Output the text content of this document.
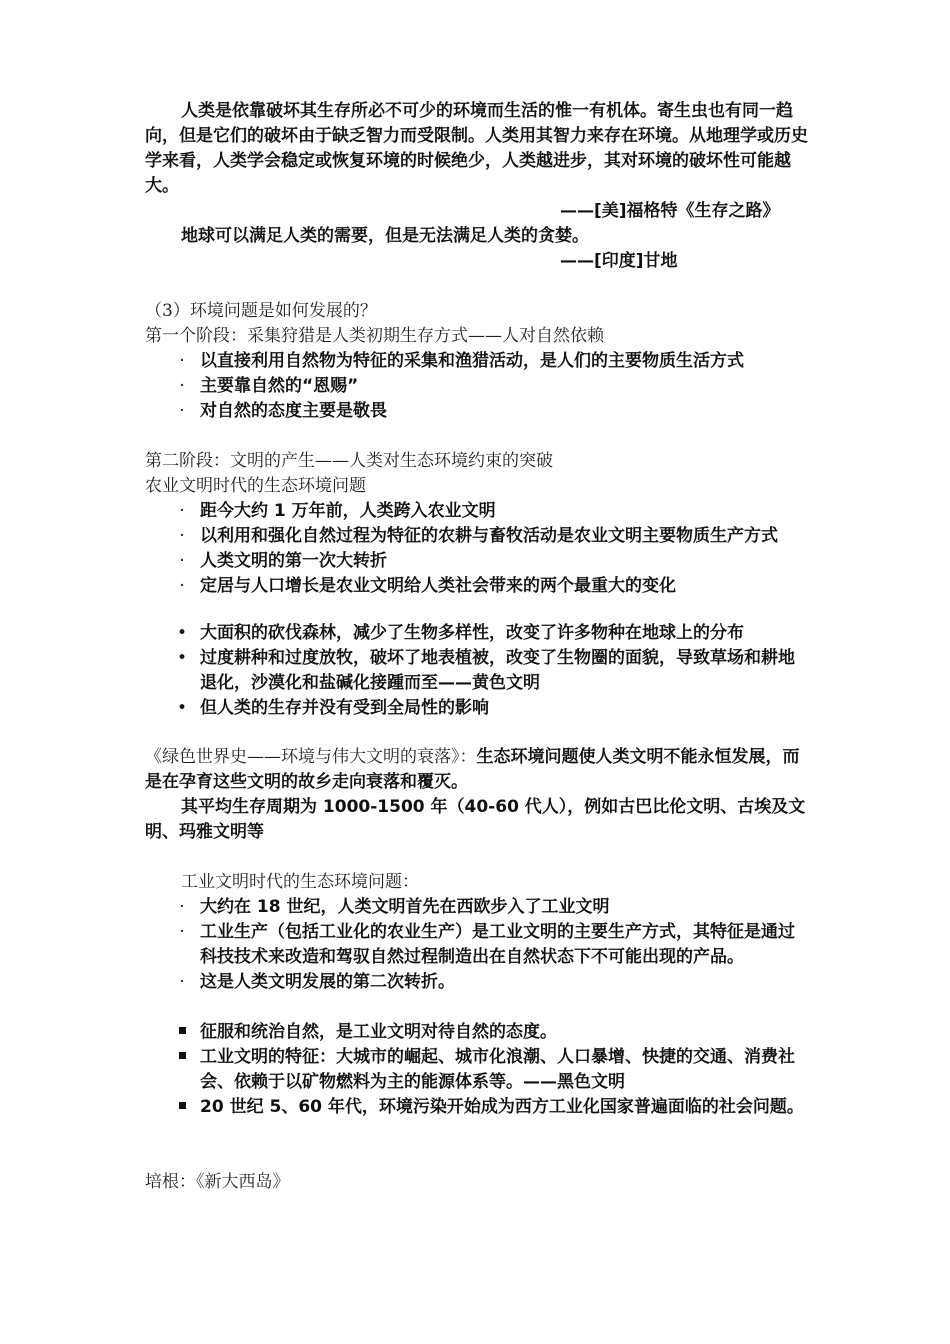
人类是依靠破坏其生存所必不可少的环境而生活的惟一有机体。寄生虫也有同一趋向，但是它们的破坏由于缺乏智力而受限制。人类用其智力来存在环境。从地理学或历史学来看，人类学会稳定或恢复环境的时候绝少，人类越进步，其对环境的破坏性可能越大。
——[美]福格特《生存之路》
地球可以满足人类的需要，但是无法满足人类的贪婪。
——[印度]甘地
（3）环境问题是如何发展的？
第一个阶段：采集狩猎是人类初期生存方式——人对自然依赖
· 以直接利用自然物为特征的采集和渔猎活动，是人们的主要物质生活方式
· 主要靠自然的“恩赐”
· 对自然的态度主要是敬畏
第二阶段：文明的产生——人类对生态环境约束的突破
农业文明时代的生态环境问题
· 距今大约 1 万年前，人类跨入农业文明
· 以利用和强化自然过程为特征的农耕与畜牧活动是农业文明主要物质生产方式
· 人类文明的第一次大转折
· 定居与人口增长是农业文明给人类社会带来的两个最重大的变化
• 大面积的砍伐森林，减少了生物多样性，改变了许多物种在地球上的分布
• 过度耕种和过度放牧，破坏了地表植被，改变了生物圈的面貌，导致草场和耕地退化，沙漠化和盐碱化接踵而至——黄色文明
• 但人类的生存并没有受到全局性的影响
《绿色世界史——环境与伟大文明的衰落》：生态环境问题使人类文明不能永恒发展，而是在孕育这些文明的故乡走向衰落和覆灭。
其平均生存周期为 1000-1500 年（40-60 代人），例如古巴比伦文明、古埃及文明、玛雅文明等
工业文明时代的生态环境问题：
· 大约在 18 世纪，人类文明首先在西欧步入了工业文明
· 工业生产（包括工业化的农业生产）是工业文明的主要生产方式，其特征是通过科技技术来改造和驾驭自然过程制造出在自然状态下不可能出现的产品。
· 这是人类文明发展的第二次转折。
征服和统治自然，是工业文明对待自然的态度。
工业文明的特征：大城市的崛起、城市化浪潮、人口暴增、快捷的交通、消费社会、依赖于以矿物燃料为主的能源体系等。——黑色文明
20 世纪 5、60 年代，环境污染开始成为西方工业化国家普遍面临的社会问题。
培根：《新大西岛》
